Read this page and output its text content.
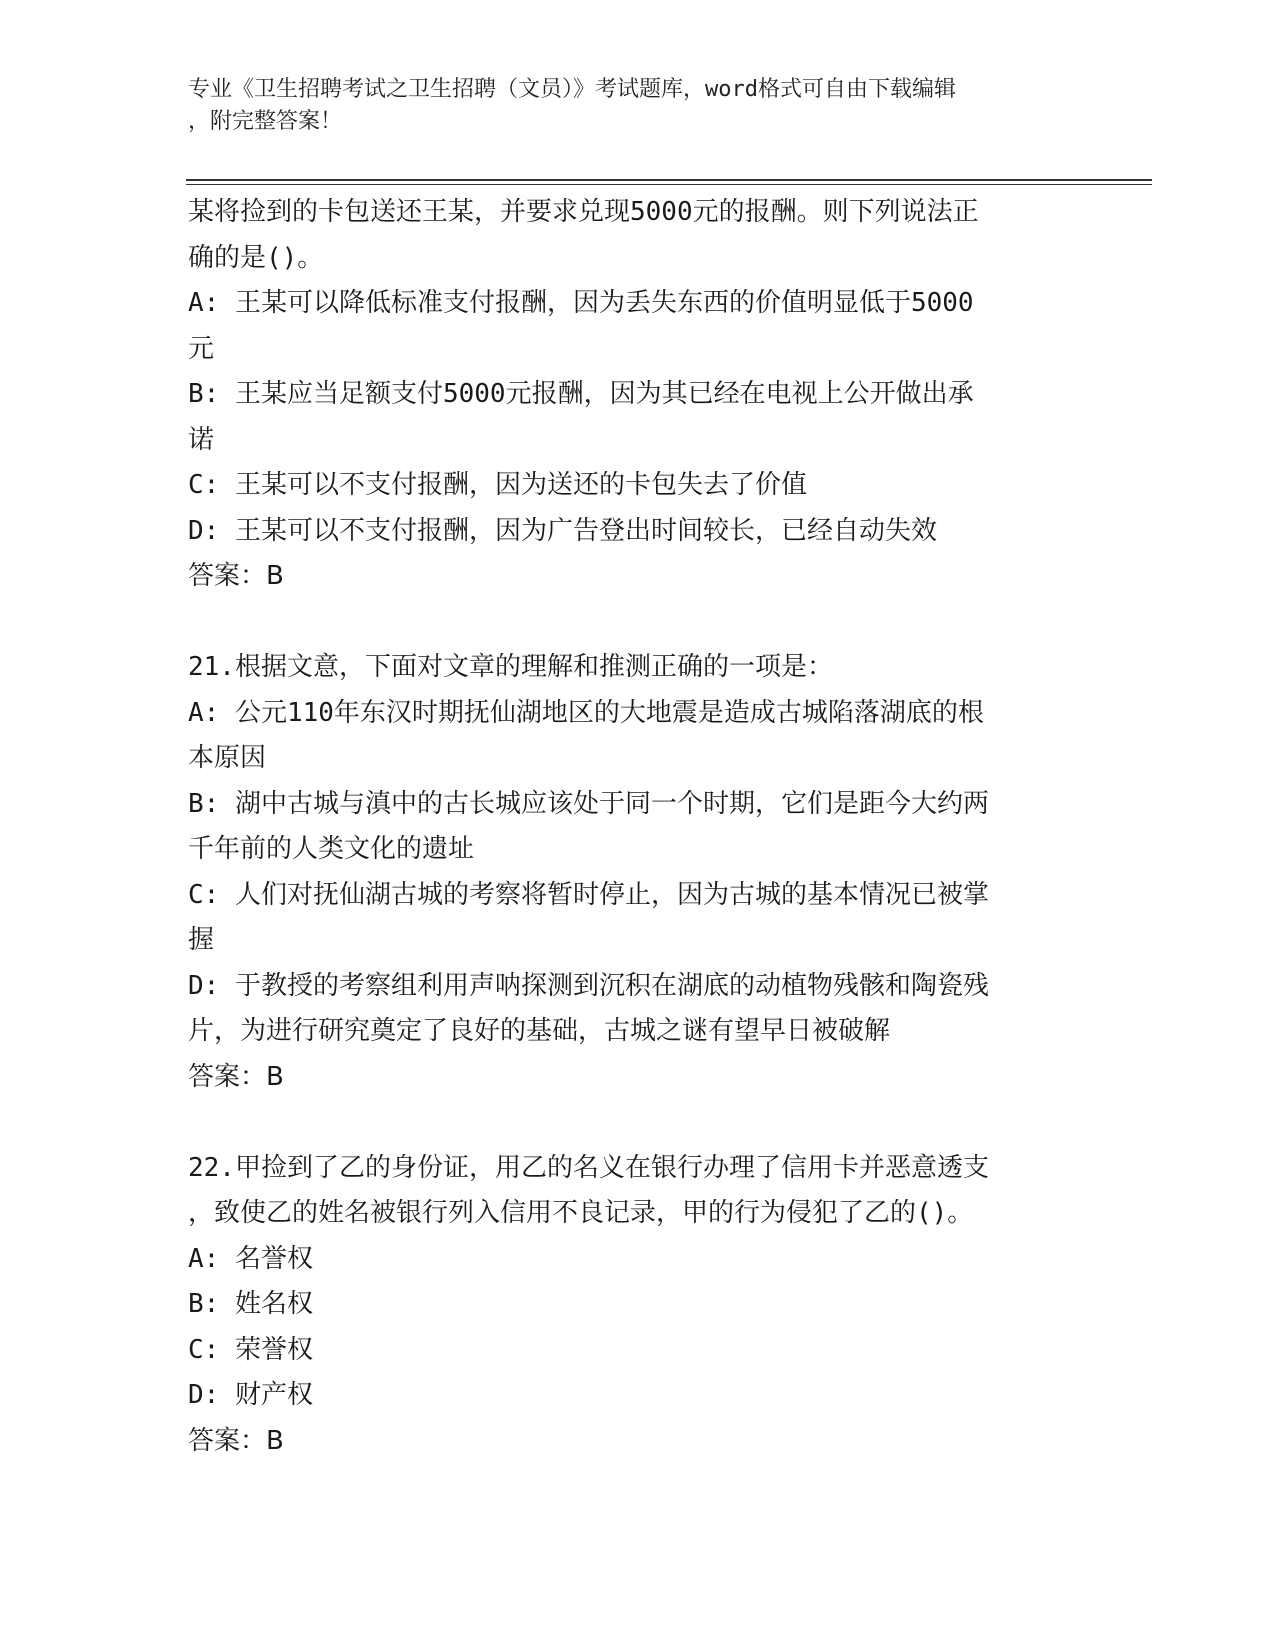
专业《卫生招聘考试之卫生招聘（文员）》考试题库，word格式可自由下载编辑
，附完整答案！
某将捡到的卡包送还王某，并要求兑现5000元的报酬。则下列说法正
确的是()。
A: 王某可以降低标准支付报酬，因为丢失东西的价值明显低于5000
元
B: 王某应当足额支付5000元报酬，因为其已经在电视上公开做出承
诺
C: 王某可以不支付报酬，因为送还的卡包失去了价值
D: 王某可以不支付报酬，因为广告登出时间较长，已经自动失效
答案：B
21.根据文意，下面对文章的理解和推测正确的一项是：
A: 公元110年东汉时期抚仙湖地区的大地震是造成古城陷落湖底的根
本原因
B: 湖中古城与滇中的古长城应该处于同一个时期，它们是距今大约两
千年前的人类文化的遗址
C: 人们对抚仙湖古城的考察将暂时停止，因为古城的基本情况已被掌
握
D: 于教授的考察组利用声呐探测到沉积在湖底的动植物残骸和陶瓷残
片，为进行研究奠定了良好的基础，古城之谜有望早日被破解
答案：B
22.甲捡到了乙的身份证，用乙的名义在银行办理了信用卡并恶意透支
，致使乙的姓名被银行列入信用不良记录，甲的行为侵犯了乙的()。
A: 名誉权
B: 姓名权
C: 荣誉权
D: 财产权
答案：B
